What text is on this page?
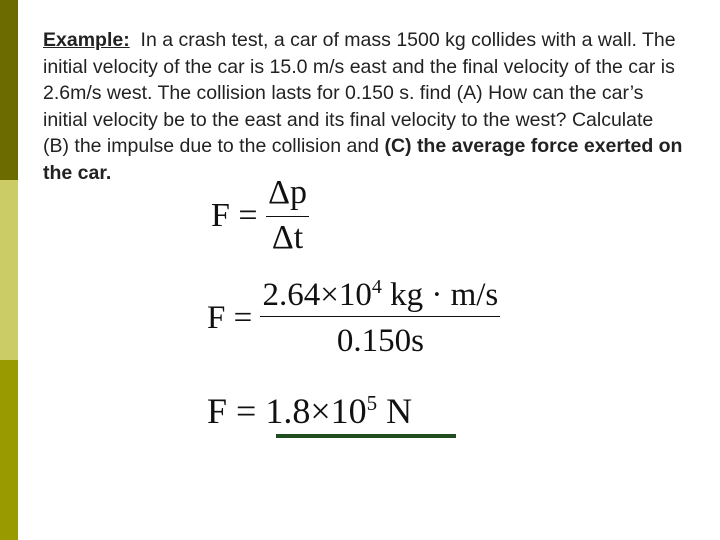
Example: In a crash test, a car of mass 1500 kg collides with a wall. The initial velocity of the car is 15.0 m/s east and the final velocity of the car is 2.6m/s west. The collision lasts for 0.150 s. find (A) How can the car’s initial velocity be to the east and its final velocity to the west? Calculate (B) the impulse due to the collision and (C) the average force exerted on the car.
$F = \frac{\Delta p}{\Delta t}$
$F = \frac{2.64\times 10^4 kg \cdot m/s}{0.150s}$
$F = 1.8\times 10^5$ N
